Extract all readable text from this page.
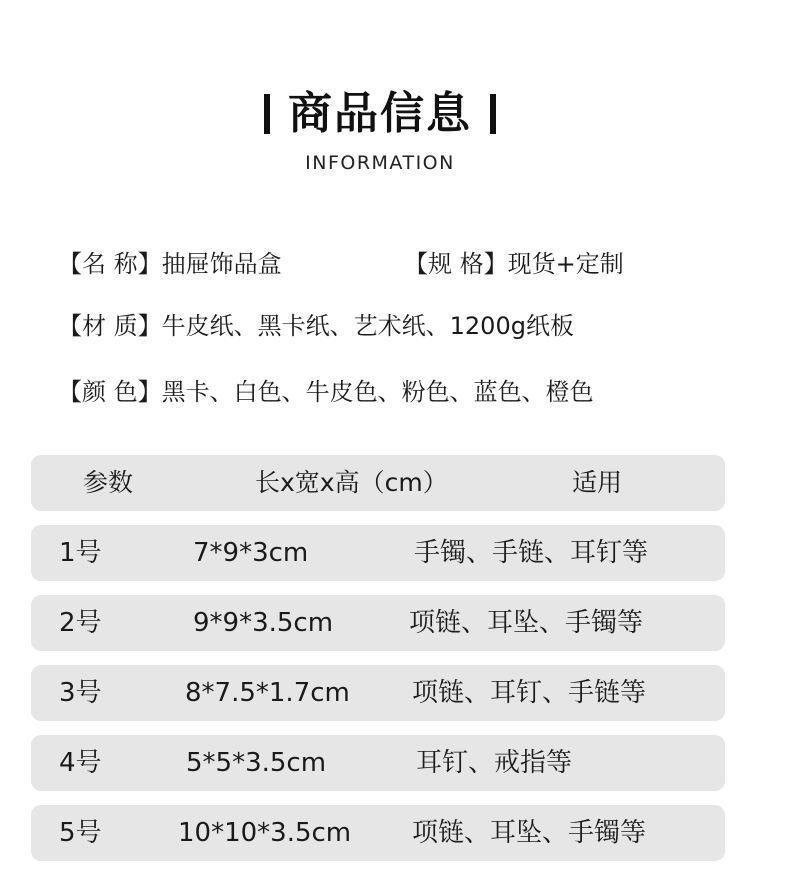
商品信息
INFORMATION
【名 称】抽屉饰品盒	【规 格】现货+定制
【材 质】牛皮纸、黑卡纸、艺术纸、1200g纸板
【颜 色】黑卡、白色、牛皮色、粉色、蓝色、橙色
参数	长x宽x高（cm）	适用
1号	7*9*3cm	手镯、手链、耳钉等
2号	9*9*3.5cm	项链、耳坠、手镯等
3号	8*7.5*1.7cm 项链、耳钉、手链等
4号	5*5*3.5cm	耳钉、戒指等
5号	10*10*3.5cm 项链、耳坠、手镯等
